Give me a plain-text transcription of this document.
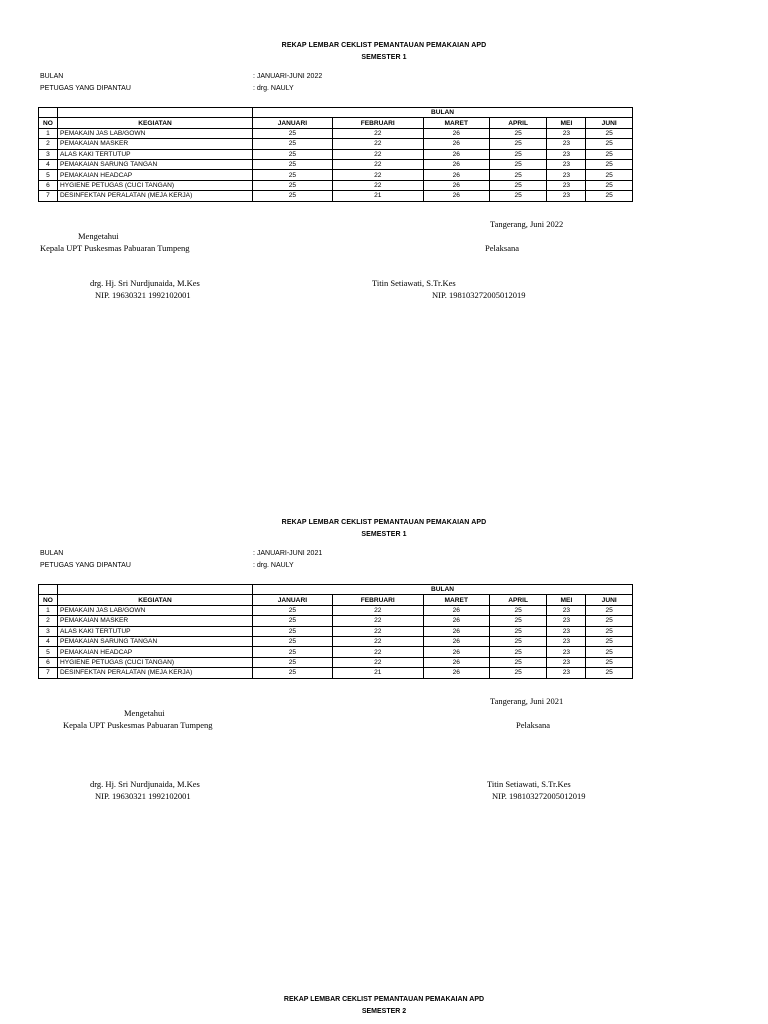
REKAP LEMBAR CEKLIST PEMANTAUAN PEMAKAIAN APD
SEMESTER 1
BULAN	: JANUARI-JUNI 2022
PETUGAS YANG DIPANTAU	: drg. NAULY
		BULAN					
NO	KEGIATAN	JANUARI	FEBRUARI	MARET	APRIL	MEI	JUNI
1	PEMAKAIN JAS LAB/GOWN	25	22	26	25	23	25
2	PEMAKAIAN MASKER	25	22	26	25	23	25
3	ALAS KAKI TERTUTUP	25	22	26	25	23	25
4	PEMAKAIAN SARUNG TANGAN	25	22	26	25	23	25
5	PEMAKAIAN HEADCAP	25	22	26	25	23	25
6	HYGIENE PETUGAS (CUCI TANGAN)	25	22	26	25	23	25
7	DESINFEKTAN PERALATAN (MEJA KERJA)	25	21	26	25	23	25
Tangerang, Juni 2022
Mengetahui
Kepala UPT Puskesmas Pabuaran Tumpeng	Pelaksana
drg. Hj. Sri Nurdjunaida, M.Kes
NIP. 19630321 1992102001
Titin Setiawati, S.Tr.Kes
NIP. 198103272005012019
REKAP LEMBAR CEKLIST PEMANTAUAN PEMAKAIAN APD
SEMESTER 1
BULAN	: JANUARI-JUNI 2021
PETUGAS YANG DIPANTAU	: drg. NAULY
		BULAN					
NO	KEGIATAN	JANUARI	FEBRUARI	MARET	APRIL	MEI	JUNI
1	PEMAKAIN JAS LAB/GOWN	25	22	26	25	23	25
2	PEMAKAIAN MASKER	25	22	26	25	23	25
3	ALAS KAKI TERTUTUP	25	22	26	25	23	25
4	PEMAKAIAN SARUNG TANGAN	25	22	26	25	23	25
5	PEMAKAIAN HEADCAP	25	22	26	25	23	25
6	HYGIENE PETUGAS (CUCI TANGAN)	25	22	26	25	23	25
7	DESINFEKTAN PERALATAN (MEJA KERJA)	25	21	26	25	23	25
Tangerang, Juni 2021
Mengetahui
Kepala UPT Puskesmas Pabuaran Tumpeng	Pelaksana
drg. Hj. Sri Nurdjunaida, M.Kes
NIP. 19630321 1992102001
Titin Setiawati, S.Tr.Kes
NIP. 198103272005012019
REKAP LEMBAR CEKLIST PEMANTAUAN PEMAKAIAN APD
SEMESTER 2
